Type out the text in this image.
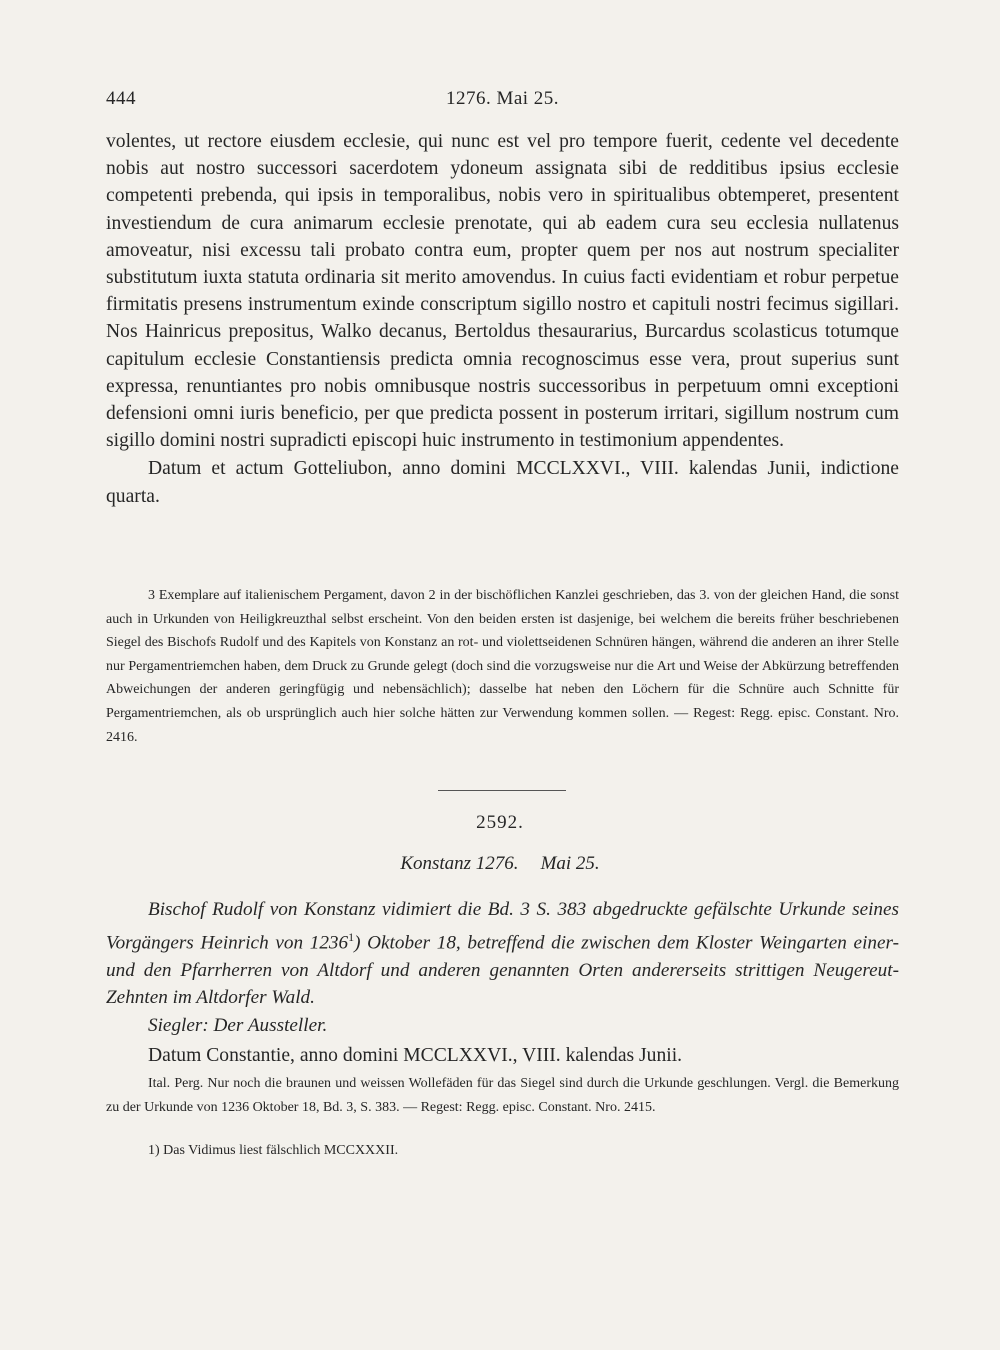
444	1276. Mai 25.

volentes, ut rectore eiusdem ecclesie, qui nunc est vel pro tempore fuerit, cedente vel decedente nobis aut nostro successori sacerdotem ydoneum assignata sibi de redditibus ipsius ecclesie competenti prebenda, qui ipsis in temporalibus, nobis vero in spiritualibus obtemperet, presentent investiendum de cura animarum ecclesie prenotate, qui ab eadem cura seu ecclesia nullatenus amoveatur, nisi excessu tali probato contra eum, propter quem per nos aut nostrum specialiter substitutum iuxta statuta ordinaria sit merito amovendus. In cuius facti evidentiam et robur perpetue firmitatis presens instrumentum exinde conscriptum sigillo nostro et capituli nostri fecimus sigillari. Nos Hainricus prepositus, Walko decanus, Bertoldus thesaurarius, Burcardus scolasticus totumque capitulum ecclesie Constantiensis predicta omnia recognoscimus esse vera, prout superius sunt expressa, renuntiantes pro nobis omnibusque nostris successoribus in perpetuum omni exceptioni defensioni omni iuris beneficio, per que predicta possent in posterum irritari, sigillum nostrum cum sigillo domini nostri supradicti episcopi huic instrumento in testimonium appendentes.

Datum et actum Gotteliubon, anno domini MCCLXXVI., VIII. kalendas Junii, indictione quarta.

3 Exemplare auf italienischem Pergament, davon 2 in der bischöflichen Kanzlei geschrieben, das 3. von der gleichen Hand, die sonst auch in Urkunden von Heiligkreuzthal selbst erscheint. Von den beiden ersten ist dasjenige, bei welchem die bereits früher beschriebenen Siegel des Bischofs Rudolf und des Kapitels von Konstanz an rot- und violettseidenen Schnüren hängen, während die anderen an ihrer Stelle nur Pergamentriemchen haben, dem Druck zu Grunde gelegt (doch sind die vorzugsweise nur die Art und Weise der Abkürzung betreffenden Abweichungen der anderen geringfügig und nebensächlich); dasselbe hat neben den Löchern für die Schnüre auch Schnitte für Pergamentriemchen, als ob ursprünglich auch hier solche hätten zur Verwendung kommen sollen. — Regest: Regg. episc. Constant. Nro. 2416.

2592.
Konstanz 1276. Mai 25.

Bischof Rudolf von Konstanz vidimiert die Bd. 3 S. 383 abgedruckte gefälschte Urkunde seines Vorgängers Heinrich von 1236$^1$) Oktober 18, betreffend die zwischen dem Kloster Weingarten einer- und den Pfarrherren von Altdorf und anderen genannten Orten andererseits strittigen Neugereut-Zehnten im Altdorfer Wald.

Siegler: Der Aussteller.

Datum Constantie, anno domini MCCLXXVI., VIII. kalendas Junii.

Ital. Perg. Nur noch die braunen und weissen Wollefäden für das Siegel sind durch die Urkunde geschlungen. Vergl. die Bemerkung zu der Urkunde von 1236 Oktober 18, Bd. 3, S. 383. — Regest: Regg. episc. Constant. Nro. 2415.

1) Das Vidimus liest fälschlich MCCXXXII.
